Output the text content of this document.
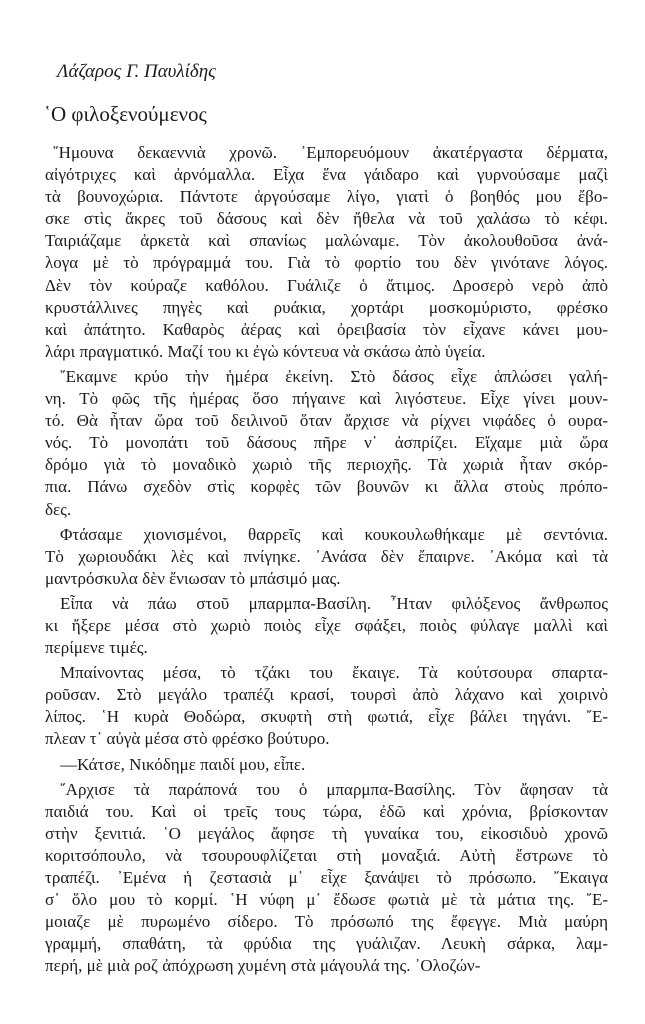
Λάζαρος Γ. Παυλίδης

῾Ο φιλοξενούμενος
῞Ημουνα δεκαεννιὰ χρονῶ. ᾿Εμπορευόμουν ἀκατέργαστα δέρματα,
αἰγότριχες καὶ ἀρνόμαλλα. Εἶχα ἕνα γάιδαρο καὶ γυρνούσαμε μαζὶ
τὰ βουνοχώρια. Πάντοτε ἀργούσαμε λίγο, γιατὶ ὁ βοηθός μου ἔβο-
σκε στὶς ἄκρες τοῦ δάσους καὶ δὲν ἤθελα νὰ τοῦ χαλάσω τὸ κέφι.
Ταιριάζαμε ἀρκετὰ καὶ σπανίως μαλώναμε. Τὸν ἀκολουθοῦσα ἀνά-
λογα μὲ τὸ πρόγραμμά του. Γιὰ τὸ φορτίο του δὲν γινότανε λόγος.
Δὲν τὸν κούραζε καθόλου. Γυάλιζε ὁ ἄτιμος. Δροσερὸ νερὸ ἀπὸ
κρυστάλλινες πηγὲς καὶ ρυάκια, χορτάρι μοσκομύριστο, φρέσκο
καὶ ἀπάτητο. Καθαρὸς ἀέρας καὶ ὀρειβασία τὸν εἶχανε κάνει μου-
λάρι πραγματικό. Μαζί του κι ἐγὼ κόντευα νὰ σκάσω ἀπὸ ὑγεία.
῎Εκαμνε κρύο τὴν ἡμέρα ἐκείνη. Στὸ δάσος εἶχε ἁπλώσει γαλή-
νη. Τὸ φῶς τῆς ἡμέρας ὅσο πήγαινε καὶ λιγόστευε. Εἶχε γίνει μουν-
τό. Θὰ ἦταν ὥρα τοῦ δειλινοῦ ὅταν ἄρχισε νὰ ρίχνει νιφάδες ὁ ουρα-
νός. Τὸ μονοπάτι τοῦ δάσους πῆρε ν᾿ ἀσπρίζει. Εἴχαμε μιὰ ὥρα
δρόμο γιὰ τὸ μοναδικὸ χωριὸ τῆς περιοχῆς. Τὰ χωριὰ ἦταν σκόρ-
πια. Πάνω σχεδὸν στὶς κορφὲς τῶν βουνῶν κι ἄλλα στοὺς πρόπο-
δες.
Φτάσαμε χιονισμένοι, θαρρεῖς καὶ κουκουλωθήκαμε μὲ σεντόνια.
Τὸ χωριουδάκι λὲς καὶ πνίγηκε. ᾿Ανάσα δὲν ἔπαιρνε. ᾿Ακόμα καὶ τὰ
μαντρόσκυλα δὲν ἔνιωσαν τὸ μπάσιμό μας.
Εἶπα νὰ πάω στοῦ μπαρμπα-Βασίλη. ῏Ηταν φιλόξενος ἄνθρωπος
κι ἤξερε μέσα στὸ χωριὸ ποιὸς εἶχε σφάξει, ποιὸς φύλαγε μαλλὶ καὶ
περίμενε τιμές.
Μπαίνοντας μέσα, τὸ τζάκι του ἔκαιγε. Τὰ κούτσουρα σπαρτα-
ροῦσαν. Στὸ μεγάλο τραπέζι κρασί, τουρσὶ ἀπὸ λάχανο καὶ χοιρινὸ
λίπος. ῾Η κυρὰ Θοδώρα, σκυφτὴ στὴ φωτιά, εἶχε βάλει τηγάνι. ῎Ε-
πλεαν τ᾿ αὐγὰ μέσα στὸ φρέσκο βούτυρο.
—Κάτσε, Νικόδημε παιδί μου, εἶπε.
῎Αρχισε τὰ παράπονά του ὁ μπαρμπα-Βασίλης. Τὸν ἄφησαν τὰ
παιδιά του. Καὶ οἱ τρεῖς τους τώρα, ἐδῶ καὶ χρόνια, βρίσκονταν
στὴν ξενιτιά. ῾Ο μεγάλος ἄφησε τὴ γυναίκα του, εἰκοσιδυὸ χρονῶ
κοριτσόπουλο, νὰ τσουρουφλίζεται στὴ μοναξιά. Αὐτὴ ἔστρωνε τὸ
τραπέζι. ᾿Εμένα ἡ ζεστασιὰ μ᾿ εἶχε ξανάψει τὸ πρόσωπο. ῎Εκαιγα
σ᾿ ὅλο μου τὸ κορμί. ῾Η νύφη μ᾿ ἔδωσε φωτιὰ μὲ τὰ μάτια της. ῎Ε-
μοιαζε μὲ πυρωμένο σίδερο. Τὸ πρόσωπό της ἔφεγγε. Μιὰ μαύρη
γραμμή, σπαθάτη, τὰ φρύδια της γυάλιζαν. Λευκὴ σάρκα, λαμ-
περή, μὲ μιὰ ροζ ἀπόχρωση χυμένη στὰ μάγουλά της. ᾿Ολοζών-
